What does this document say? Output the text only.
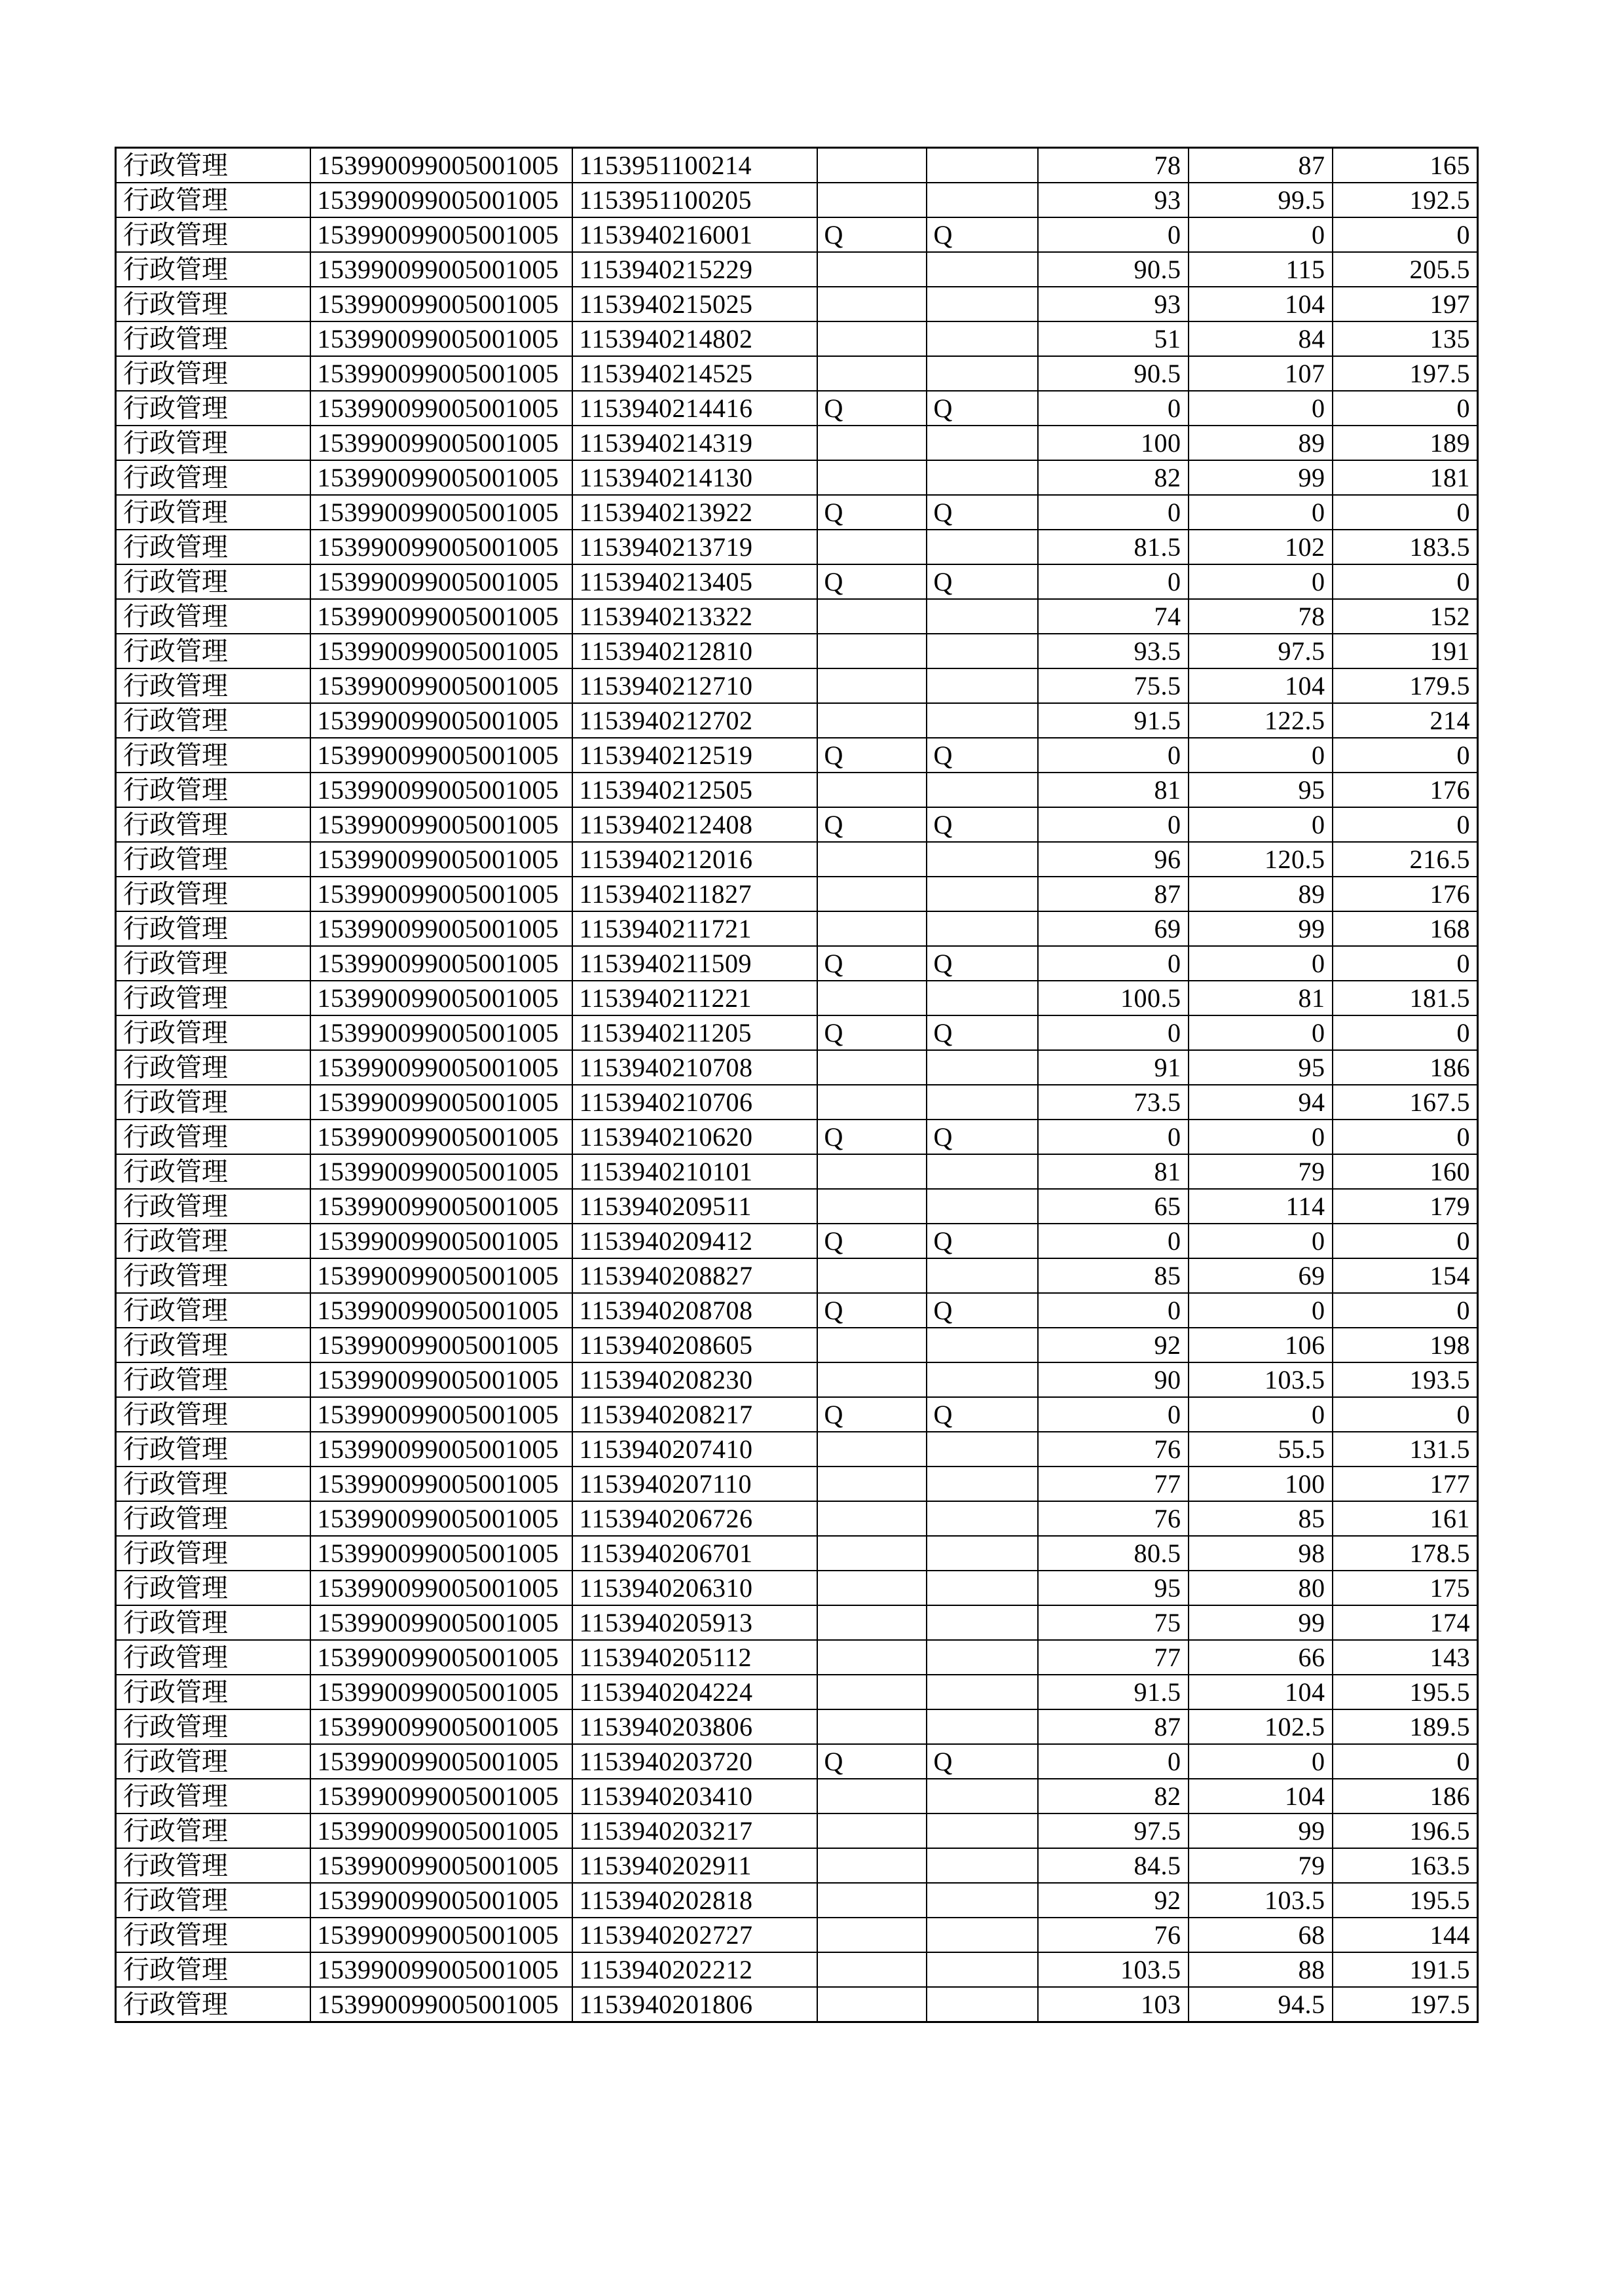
行政管理	153990099005001005	1153951100214			78	87	165
行政管理	153990099005001005	1153951100205			93	99.5	192.5
行政管理	153990099005001005	1153940216001	Q	Q	0	0	0
行政管理	153990099005001005	1153940215229			90.5	115	205.5
行政管理	153990099005001005	1153940215025			93	104	197
行政管理	153990099005001005	1153940214802			51	84	135
行政管理	153990099005001005	1153940214525			90.5	107	197.5
行政管理	153990099005001005	1153940214416	Q	Q	0	0	0
行政管理	153990099005001005	1153940214319			100	89	189
行政管理	153990099005001005	1153940214130			82	99	181
行政管理	153990099005001005	1153940213922	Q	Q	0	0	0
行政管理	153990099005001005	1153940213719			81.5	102	183.5
行政管理	153990099005001005	1153940213405	Q	Q	0	0	0
行政管理	153990099005001005	1153940213322			74	78	152
行政管理	153990099005001005	1153940212810			93.5	97.5	191
行政管理	153990099005001005	1153940212710			75.5	104	179.5
行政管理	153990099005001005	1153940212702			91.5	122.5	214
行政管理	153990099005001005	1153940212519	Q	Q	0	0	0
行政管理	153990099005001005	1153940212505			81	95	176
行政管理	153990099005001005	1153940212408	Q	Q	0	0	0
行政管理	153990099005001005	1153940212016			96	120.5	216.5
行政管理	153990099005001005	1153940211827			87	89	176
行政管理	153990099005001005	1153940211721			69	99	168
行政管理	153990099005001005	1153940211509	Q	Q	0	0	0
行政管理	153990099005001005	1153940211221			100.5	81	181.5
行政管理	153990099005001005	1153940211205	Q	Q	0	0	0
行政管理	153990099005001005	1153940210708			91	95	186
行政管理	153990099005001005	1153940210706			73.5	94	167.5
行政管理	153990099005001005	1153940210620	Q	Q	0	0	0
行政管理	153990099005001005	1153940210101			81	79	160
行政管理	153990099005001005	1153940209511			65	114	179
行政管理	153990099005001005	1153940209412	Q	Q	0	0	0
行政管理	153990099005001005	1153940208827			85	69	154
行政管理	153990099005001005	1153940208708	Q	Q	0	0	0
行政管理	153990099005001005	1153940208605			92	106	198
行政管理	153990099005001005	1153940208230			90	103.5	193.5
行政管理	153990099005001005	1153940208217	Q	Q	0	0	0
行政管理	153990099005001005	1153940207410			76	55.5	131.5
行政管理	153990099005001005	1153940207110			77	100	177
行政管理	153990099005001005	1153940206726			76	85	161
行政管理	153990099005001005	1153940206701			80.5	98	178.5
行政管理	153990099005001005	1153940206310			95	80	175
行政管理	153990099005001005	1153940205913			75	99	174
行政管理	153990099005001005	1153940205112			77	66	143
行政管理	153990099005001005	1153940204224			91.5	104	195.5
行政管理	153990099005001005	1153940203806			87	102.5	189.5
行政管理	153990099005001005	1153940203720	Q	Q	0	0	0
行政管理	153990099005001005	1153940203410			82	104	186
行政管理	153990099005001005	1153940203217			97.5	99	196.5
行政管理	153990099005001005	1153940202911			84.5	79	163.5
行政管理	153990099005001005	1153940202818			92	103.5	195.5
行政管理	153990099005001005	1153940202727			76	68	144
行政管理	153990099005001005	1153940202212			103.5	88	191.5
行政管理	153990099005001005	1153940201806			103	94.5	197.5
